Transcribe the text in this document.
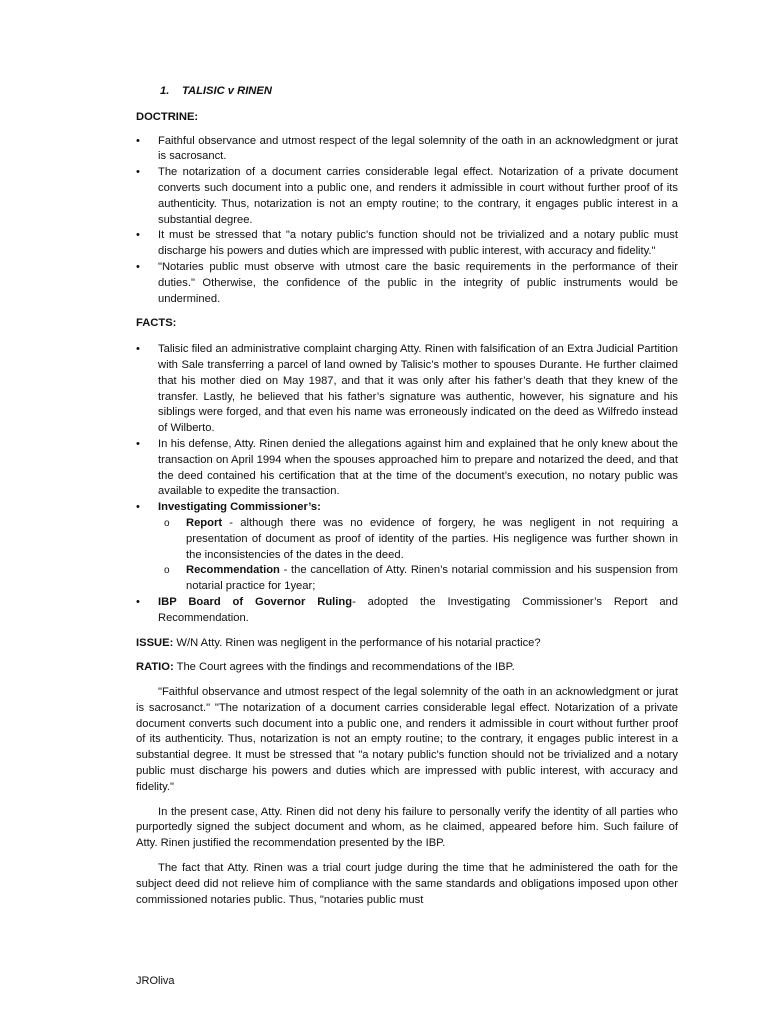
1. TALISIC v RINEN
DOCTRINE:
• Faithful observance and utmost respect of the legal solemnity of the oath in an acknowledgment or jurat is sacrosanct.
• The notarization of a document carries considerable legal effect. Notarization of a private document converts such document into a public one, and renders it admissible in court without further proof of its authenticity. Thus, notarization is not an empty routine; to the contrary, it engages public interest in a substantial degree.
• It must be stressed that "a notary public's function should not be trivialized and a notary public must discharge his powers and duties which are impressed with public interest, with accuracy and fidelity."
• "Notaries public must observe with utmost care the basic requirements in the performance of their duties." Otherwise, the confidence of the public in the integrity of public instruments would be undermined.
FACTS:
• Talisic filed an administrative complaint charging Atty. Rinen with falsification of an Extra Judicial Partition with Sale transferring a parcel of land owned by Talisic’s mother to spouses Durante. He further claimed that his mother died on May 1987, and that it was only after his father’s death that they knew of the transfer. Lastly, he believed that his father’s signature was authentic, however, his signature and his siblings were forged, and that even his name was erroneously indicated on the deed as Wilfredo instead of Wilberto.
• In his defense, Atty. Rinen denied the allegations against him and explained that he only knew about the transaction on April 1994 when the spouses approached him to prepare and notarized the deed, and that the deed contained his certification that at the time of the document’s execution, no notary public was available to expedite the transaction.
• Investigating Commissioner’s:
o Report - although there was no evidence of forgery, he was negligent in not requiring a presentation of document as proof of identity of the parties. His negligence was further shown in the inconsistencies of the dates in the deed.
o Recommendation - the cancellation of Atty. Rinen’s notarial commission and his suspension from notarial practice for 1year;
• IBP Board of Governor Ruling- adopted the Investigating Commissioner’s Report and Recommendation.
ISSUE: W/N Atty. Rinen was negligent in the performance of his notarial practice?
RATIO: The Court agrees with the findings and recommendations of the IBP.

"Faithful observance and utmost respect of the legal solemnity of the oath in an acknowledgment or jurat is sacrosanct." "The notarization of a document carries considerable legal effect. Notarization of a private document converts such document into a public one, and renders it admissible in court without further proof of its authenticity. Thus, notarization is not an empty routine; to the contrary, it engages public interest in a substantial degree. It must be stressed that "a notary public's function should not be trivialized and a notary public must discharge his powers and duties which are impressed with public interest, with accuracy and fidelity."

In the present case, Atty. Rinen did not deny his failure to personally verify the identity of all parties who purportedly signed the subject document and whom, as he claimed, appeared before him. Such failure of Atty. Rinen justified the recommendation presented by the IBP.

The fact that Atty. Rinen was a trial court judge during the time that he administered the oath for the subject deed did not relieve him of compliance with the same standards and obligations imposed upon other commissioned notaries public. Thus, "notaries public must

JROliva
